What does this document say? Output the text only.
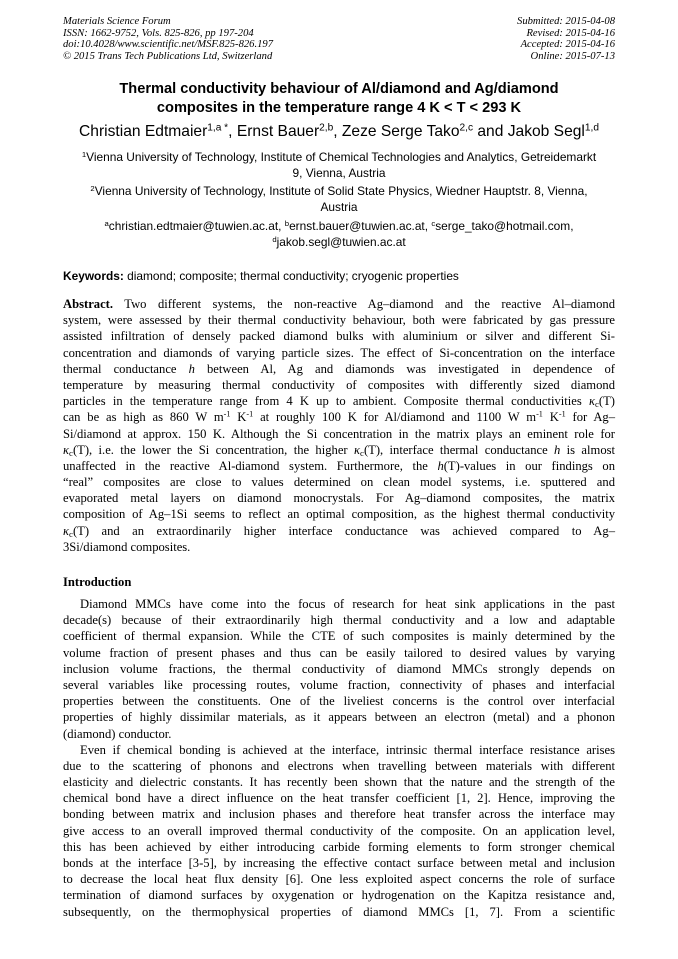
Materials Science Forum
ISSN: 1662-9752, Vols. 825-826, pp 197-204
doi:10.4028/www.scientific.net/MSF.825-826.197
© 2015 Trans Tech Publications Ltd, Switzerland
Submitted: 2015-04-08
Revised: 2015-04-16
Accepted: 2015-04-16
Online: 2015-07-13
Thermal conductivity behaviour of Al/diamond and Ag/diamond
composites in the temperature range 4 K < T < 293 K
Christian Edtmaier$^{1,a *}$, Ernst Bauer$^{2,b}$, Zeze Serge Tako$^{2,c}$ and Jakob Segl$^{1,d}$
$^1$Vienna University of Technology, Institute of Chemical Technologies and Analytics, Getreidemarkt
9, Vienna, Austria
$^2$Vienna University of Technology, Institute of Solid State Physics, Wiedner Hauptstr. 8, Vienna,
Austria
$^a$christian.edtmaier@tuwien.ac.at, $^b$ernst.bauer@tuwien.ac.at, $^c$serge_tako@hotmail.com,
$^d$jakob.segl@tuwien.ac.at
Keywords: diamond; composite; thermal conductivity; cryogenic properties
Abstract. Two different systems, the non-reactive Ag–diamond and the reactive Al–diamond
system, were assessed by their thermal conductivity behaviour, both were fabricated by gas pressure
assisted infiltration of densely packed diamond bulks with aluminium or silver and different Si-
concentration and diamonds of varying particle sizes. The effect of Si-concentration on the interface
thermal conductance h between Al, Ag and diamonds was investigated in dependence of
temperature by measuring thermal conductivity of composites with differently sized diamond
particles in the temperature range from 4 K up to ambient. Composite thermal conductivities $\kappa_c(T)$
can be as high as 860 W $m^{-1}$ $K^{-1}$ at roughly 100 K for Al/diamond and 1100 W $m^{-1}$ $K^{-1}$ for Ag–
Si/diamond at approx. 150 K. Although the Si concentration in the matrix plays an eminent role for
$\kappa_c(T)$, i.e. the lower the Si concentration, the higher $\kappa_c(T)$, interface thermal conductance h is almost
unaffected in the reactive Al-diamond system. Furthermore, the h(T)-values in our findings on
“real” composites are close to values determined on clean model systems, i.e. sputtered and
evaporated metal layers on diamond monocrystals. For Ag–diamond composites, the matrix
composition of Ag–1Si seems to reflect an optimal composition, as the highest thermal conductivity
$\kappa_c(T)$ and an extraordinarily higher interface conductance was achieved compared to Ag–
3Si/diamond composites.
Introduction
Diamond MMCs have come into the focus of research for heat sink applications in the past
decade(s) because of their extraordinarily high thermal conductivity and a low and adaptable
coefficient of thermal expansion. While the CTE of such composites is mainly determined by the
volume fraction of present phases and thus can be easily tailored to desired values by varying
inclusion volume fractions, the thermal conductivity of diamond MMCs strongly depends on
several variables like processing routes, volume fraction, connectivity of phases and interfacial
properties between the constituents. One of the liveliest concerns is the control over interfacial
properties of highly dissimilar materials, as it appears between an electron (metal) and a phonon
(diamond) conductor.
Even if chemical bonding is achieved at the interface, intrinsic thermal interface resistance arises
due to the scattering of phonons and electrons when travelling between materials with different
elasticity and dielectric constants. It has recently been shown that the nature and the strength of the
chemical bond have a direct influence on the heat transfer coefficient [1, 2]. Hence, improving the
bonding between matrix and inclusion phases and therefore heat transfer across the interface may
give access to an overall improved thermal conductivity of the composite. On an application level,
this has been achieved by either introducing carbide forming elements to form stronger chemical
bonds at the interface [3-5], by increasing the effective contact surface between metal and inclusion
to decrease the local heat flux density [6]. One less exploited aspect concerns the role of surface
termination of diamond surfaces by oxygenation or hydrogenation on the Kapitza resistance and,
subsequently, on the thermophysical properties of diamond MMCs [1, 7]. From a scientific
